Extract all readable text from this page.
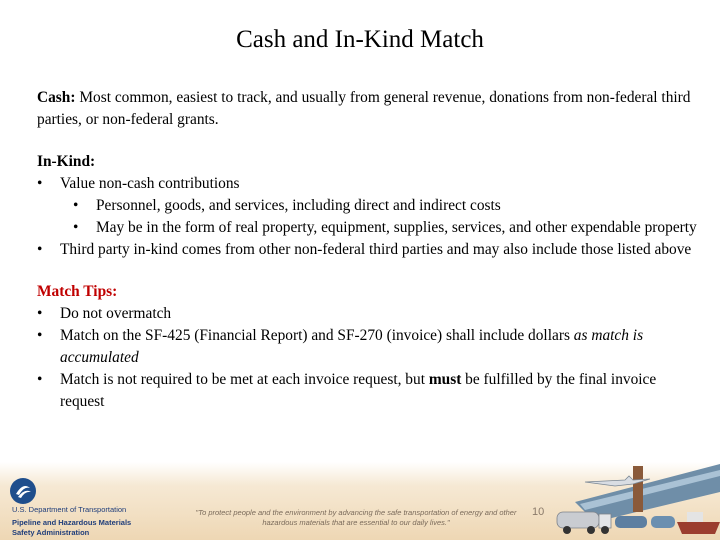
Cash and In-Kind Match

Cash: Most common, easiest to track, and usually from general revenue, donations from non-federal third parties, or non-federal grants.

In-Kind:
• Value non-cash contributions
• Personnel, goods, and services, including direct and indirect costs
• May be in the form of real property, equipment, supplies, services, and other expendable property
• Third party in-kind comes from other non-federal third parties and may also include those listed above
Match Tips:
• Do not overmatch
• Match on the SF-425 (Financial Report) and SF-270 (invoice) shall include dollars as match is accumulated
• Match is not required to be met at each invoice request, but must be fulfilled by the final invoice request
U.S. Department of Transportation
Pipeline and Hazardous Materials
Safety Administration
"To protect people and the environment by advancing the safe transportation of energy and other hazardous materials that are essential to our daily lives."
10
